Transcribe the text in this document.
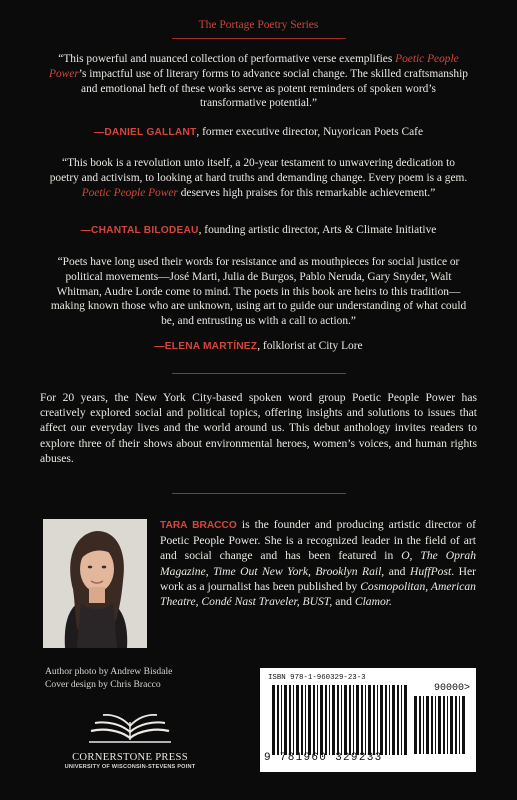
The Portage Poetry Series
“This powerful and nuanced collection of performative verse exemplifies Poetic People Power’s impactful use of literary forms to advance social change. The skilled craftsmanship and emotional heft of these works serve as potent reminders of spoken word’s transformative potential.”
—DANIEL GALLANT, former executive director, Nuyorican Poets Cafe
“This book is a revolution unto itself, a 20-year testament to unwavering dedication to poetry and activism, to looking at hard truths and demanding change. Every poem is a gem. Poetic People Power deserves high praises for this remarkable achievement.”
—CHANTAL BILODEAU, founding artistic director, Arts & Climate Initiative
“Poets have long used their words for resistance and as mouthpieces for social justice or political movements—José Marti, Julia de Burgos, Pablo Neruda, Gary Snyder, Walt Whitman, Audre Lorde come to mind. The poets in this book are heirs to this tradition—making known those who are unknown, using art to guide our understanding of what could be, and entrusting us with a call to action.”
—ELENA MARTÍNEZ, folklorist at City Lore
For 20 years, the New York City-based spoken word group Poetic People Power has creatively explored social and political topics, offering insights and solutions to issues that affect our everyday lives and the world around us. This debut anthology invites readers to explore three of their shows about environmental heroes, women’s voices, and human rights abuses.
TARA BRACCO is the founder and producing artistic director of Poetic People Power. She is a recognized leader in the field of art and social change and has been featured in O, The Oprah Magazine, Time Out New York, Brooklyn Rail, and HuffPost. Her work as a journalist has been published by Cosmopolitan, American Theatre, Condé Nast Traveler, BUST, and Clamor.
Author photo by Andrew Bisdale
Cover design by Chris Bracco
CORNERSTONE PRESS
UNIVERSITY OF WISCONSIN-STEVENS POINT
ISBN 978-1-960329-23-3
90000>
9 781960 329233
